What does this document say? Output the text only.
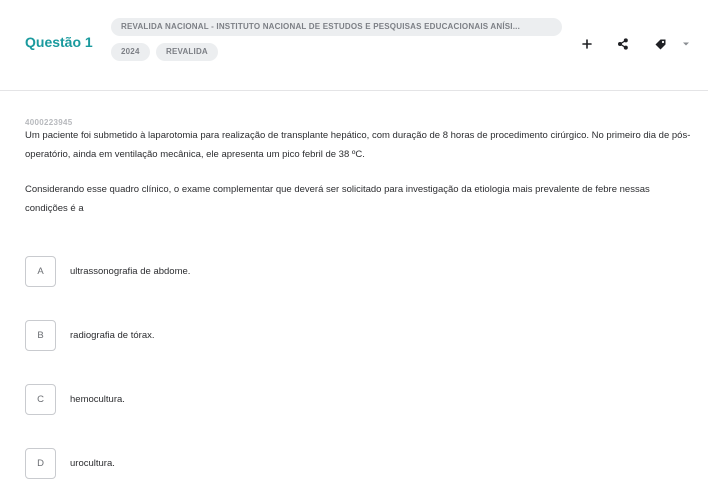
Questão 1
REVALIDA NACIONAL - INSTITUTO NACIONAL DE ESTUDOS E PESQUISAS EDUCACIONAIS ANÍSI...
2024	REVALIDA
4000223945
Um paciente foi submetido à laparotomia para realização de transplante hepático, com duração de 8 horas de procedimento cirúrgico. No primeiro dia de pós-operatório, ainda em ventilação mecânica, ele apresenta um pico febril de 38 ºC.
Considerando esse quadro clínico, o exame complementar que deverá ser solicitado para investigação da etiologia mais prevalente de febre nessas condições é a
A	ultrassonografia de abdome.
B	radiografia de tórax.
C	hemocultura.
D	urocultura.
